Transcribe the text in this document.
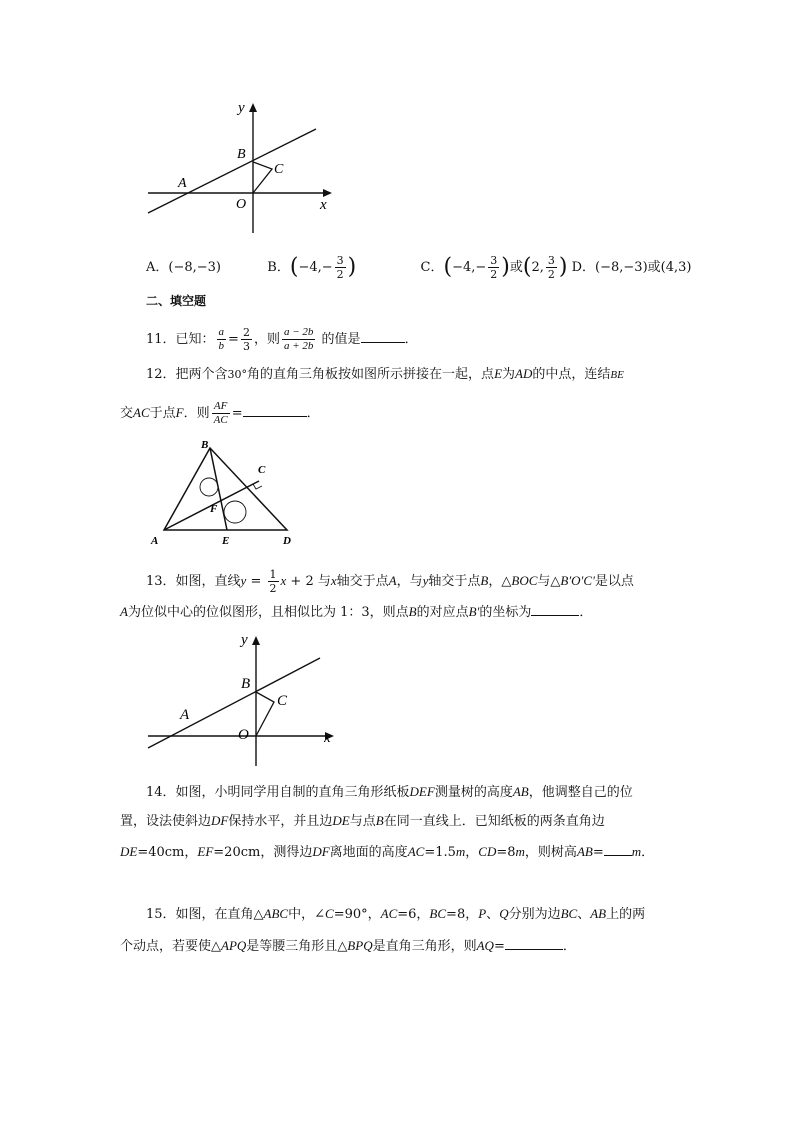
y
x
A
B
C
O
A．(−8,−3)	B．($-4,- \frac{3}{2}$ )	C．($-4,- \frac{3}{2}$ )或(2, $\frac{3}{2}$ ) D．(−8,−3)或(4,3)
二、填空题
11．已知： $\frac{a}{b} = \frac{2}{3}$ ，则 $\frac{a - 2b}{a + 2b}$ 的值是	．
12．把两个含30°角的直角三角板按如图所示拼接在一起，点E为AD的中点，连结BE
交AC于点F．则 $\frac{AF}{AC}$ =	．
B
C
F
A	E	D
13．如图，直线$y = \frac{1}{2}$ x + 2 与x轴交于点A，与y轴交于点B，△BOC与△B′O′C′是以点
A为位似中心的位似图形，且相似比为 1：3，则点B的对应点B′的坐标为	．
y
x
A
B
C
O
14．如图，小明同学用自制的直角三角形纸板DEF测量树的高度AB，他调整自己的位
置，设法使斜边DF保持水平，并且边DE与点B在同一直线上．已知纸板的两条直角边
DE=40cm，EF=20cm，测得边DF离地面的高度AC=1.5m，CD=8m，则树高AB= m．
15．如图，在直角△ABC中，∠C=90°，AC=6，BC=8，P、Q分别为边BC、AB上的两
个动点，若要使△APQ是等腰三角形且△BPQ是直角三角形，则AQ=	．
